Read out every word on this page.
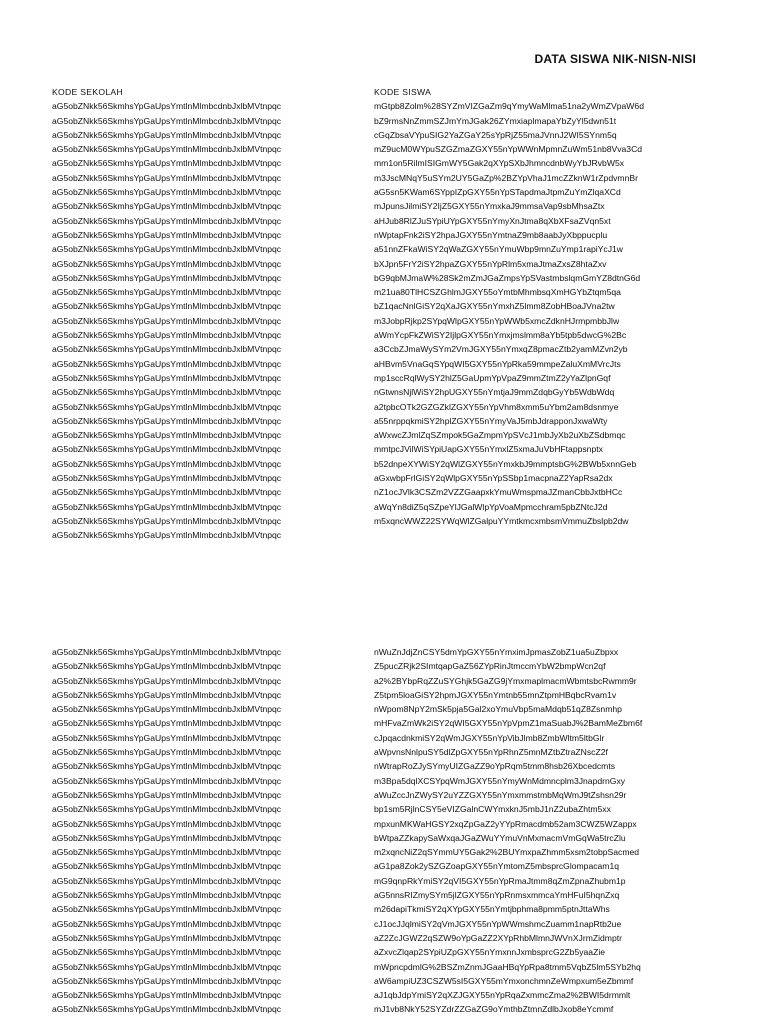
DATA SISWA NIK-NISN-NISI
KODE SEKOLAH
aG5obZNkk56SkmhsYpGaUpsYmtlnMlmbcdnbJxlbMVtnpqc
aG5obZNkk56SkmhsYpGaUpsYmtlnMlmbcdnbJxlbMVtnpqc
aG5obZNkk56SkmhsYpGaUpsYmtlnMlmbcdnbJxlbMVtnpqc
aG5obZNkk56SkmhsYpGaUpsYmtlnMlmbcdnbJxlbMVtnpqc
aG5obZNkk56SkmhsYpGaUpsYmtlnMlmbcdnbJxlbMVtnpqc
aG5obZNkk56SkmhsYpGaUpsYmtlnMlmbcdnbJxlbMVtnpqc
aG5obZNkk56SkmhsYpGaUpsYmtlnMlmbcdnbJxlbMVtnpqc
aG5obZNkk56SkmhsYpGaUpsYmtlnMlmbcdnbJxlbMVtnpqc
aG5obZNkk56SkmhsYpGaUpsYmtlnMlmbcdnbJxlbMVtnpqc
aG5obZNkk56SkmhsYpGaUpsYmtlnMlmbcdnbJxlbMVtnpqc
aG5obZNkk56SkmhsYpGaUpsYmtlnMlmbcdnbJxlbMVtnpqc
aG5obZNkk56SkmhsYpGaUpsYmtlnMlmbcdnbJxlbMVtnpqc
aG5obZNkk56SkmhsYpGaUpsYmtlnMlmbcdnbJxlbMVtnpqc
aG5obZNkk56SkmhsYpGaUpsYmtlnMlmbcdnbJxlbMVtnpqc
aG5obZNkk56SkmhsYpGaUpsYmtlnMlmbcdnbJxlbMVtnpqc
aG5obZNkk56SkmhsYpGaUpsYmtlnMlmbcdnbJxlbMVtnpqc
aG5obZNkk56SkmhsYpGaUpsYmtlnMlmbcdnbJxlbMVtnpqc
aG5obZNkk56SkmhsYpGaUpsYmtlnMlmbcdnbJxlbMVtnpqc
aG5obZNkk56SkmhsYpGaUpsYmtlnMlmbcdnbJxlbMVtnpqc
aG5obZNkk56SkmhsYpGaUpsYmtlnMlmbcdnbJxlbMVtnpqc
aG5obZNkk56SkmhsYpGaUpsYmtlnMlmbcdnbJxlbMVtnpqc
aG5obZNkk56SkmhsYpGaUpsYmtlnMlmbcdnbJxlbMVtnpqc
aG5obZNkk56SkmhsYpGaUpsYmtlnMlmbcdnbJxlbMVtnpqc
aG5obZNkk56SkmhsYpGaUpsYmtlnMlmbcdnbJxlbMVtnpqc
aG5obZNkk56SkmhsYpGaUpsYmtlnMlmbcdnbJxlbMVtnpqc
aG5obZNkk56SkmhsYpGaUpsYmtlnMlmbcdnbJxlbMVtnpqc
aG5obZNkk56SkmhsYpGaUpsYmtlnMlmbcdnbJxlbMVtnpqc
aG5obZNkk56SkmhsYpGaUpsYmtlnMlmbcdnbJxlbMVtnpqc
aG5obZNkk56SkmhsYpGaUpsYmtlnMlmbcdnbJxlbMVtnpqc
aG5obZNkk56SkmhsYpGaUpsYmtlnMlmbcdnbJxlbMVtnpqc
aG5obZNkk56SkmhsYpGaUpsYmtlnMlmbcdnbJxlbMVtnpqc
KODE SISWA
mGtpb8Zolm%28SYZmVIZGaZm9qYmyWaMlma51na2yWmZVpaW6d
bZ9rmsNnZmmSZJmYmJGak26ZYmxiaplmapaYbZyYl5dwn51t
cGqZbsaVYpuSIG2YaZGaY25sYpRjZ55maJVnnJ2WI5SYnm5q
mZ9ucM0WYpuSZGZmaZGXY55nYpWWnMpmnZuWm51nb8Vva3Cd
mm1on5RilmISIGmWY5Gak2qXYpSXbJhmncdnbWyYbJRvbW5x
m3JscMNqY5uSYm2UY5GaZp%2BZYpVhaJ1mcZZknW1rZpdvmnBr
aG5sn5KWam6SYppIZpGXY55nYpSTapdmaJtpmZuYmZlqaXCd
mJpunsJilmiSY2IjZ5GXY55nYmxkaJ9mmsaVap9sbMhsaZtx
aHJub8RlZJuSYpiUYpGXY55nYmyXnJtma8qXbXFsaZVqn5xt
nWptapFnk2iSY2hpaJGXY55nYmtnaZ9mb8aabJyXbppucplu
a51nnZFkaWiSY2qWaZGXY55nYmuWbp9mnZuYmp1rapiYcJ1w
bXJpn5FrY2iSY2hpaZGXY55nYpRlm5xmaJtmaZxsZ8htaZxv
bG9qbMJmaW%28Sk2mZmJGaZmpsYpSVastmbslqmGmYZ8dtnG6d
m21ua80TlHCSZGhlmJGXY55oYmtbMhmbsqXmHGYbZtqm5qa
bZ1qacNnlGiSY2qXaJGXY55nYmxhZ5lmm8ZobHBoaJVna2tw
m3JobpRjkp2SYpqWlpGXY55nYpWWb5xmcZdknHJrmpmbbJlw
aWmYcpFkZWiSY2IjlpGXY55nYmxjmslmm8aYb5tpb5dwcG%2Bc
a3CcbZJmaWySYm2VmJGXY55nYmxqZ8pmacZtb2yamMZvn2yb
aHBvm5VnaGqSYpqWI5GXY55nYpRka59mmpeZaluXmMVrcJts
mp1sccRqlWySY2hlZ5GaUpmYpVpaZ9mmZtmZ2yYaZlpnGqf
nGtwnsNjlWiSY2hpUGXY55nYmtjaJ9mmZdqbGyYb5WdbWdq
a2tpbcOTk2GZGZklZGXY55nYpVhm8xmm5uYbm2am8dsnmye
a55nrppqkmiSY2hplZGXY55nYmyVaJ5mbJdrapponJxwaWty
aWxwcZJmlZqSZmpok5GaZmpmYpSVcJ1mbJyXb2uXbZSdbmqc
mmtpcJVilWiSYpiUapGXY55nYmxlZ5xmaJuVbHFtappsnptx
b52dnpeXYWiSY2qWlZGXY55nYmxkbJ9mmptsbG%2BWb5xnnGeb
aGxwbpFrlGiSY2qWlpGXY55nYpSSbp1macpnaZ2YapRsa2dx
nZ1ocJVlk3CSZm2VZZGaapxkYmuWmspmaJZmanCbbJxtbHCc
aWqYn8diZ5qSZpeYlJGalWlpYpVoaMpmcchram5pbZNtcJ2d
m5xqncWWZ22SYWqWlZGalpuYYmtkmcxmbsmVmmuZbslpb2dw
aG5obZNkk56SkmhsYpGaUpsYmtlnMlmbcdnbJxlbMVtnpqc
aG5obZNkk56SkmhsYpGaUpsYmtlnMlmbcdnbJxlbMVtnpqc
aG5obZNkk56SkmhsYpGaUpsYmtlnMlmbcdnbJxlbMVtnpqc
aG5obZNkk56SkmhsYpGaUpsYmtlnMlmbcdnbJxlbMVtnpqc
aG5obZNkk56SkmhsYpGaUpsYmtlnMlmbcdnbJxlbMVtnpqc
aG5obZNkk56SkmhsYpGaUpsYmtlnMlmbcdnbJxlbMVtnpqc
aG5obZNkk56SkmhsYpGaUpsYmtlnMlmbcdnbJxlbMVtnpqc
aG5obZNkk56SkmhsYpGaUpsYmtlnMlmbcdnbJxlbMVtnpqc
aG5obZNkk56SkmhsYpGaUpsYmtlnMlmbcdnbJxlbMVtnpqc
aG5obZNkk56SkmhsYpGaUpsYmtlnMlmbcdnbJxlbMVtnpqc
aG5obZNkk56SkmhsYpGaUpsYmtlnMlmbcdnbJxlbMVtnpqc
aG5obZNkk56SkmhsYpGaUpsYmtlnMlmbcdnbJxlbMVtnpqc
aG5obZNkk56SkmhsYpGaUpsYmtlnMlmbcdnbJxlbMVtnpqc
aG5obZNkk56SkmhsYpGaUpsYmtlnMlmbcdnbJxlbMVtnpqc
aG5obZNkk56SkmhsYpGaUpsYmtlnMlmbcdnbJxlbMVtnpqc
aG5obZNkk56SkmhsYpGaUpsYmtlnMlmbcdnbJxlbMVtnpqc
aG5obZNkk56SkmhsYpGaUpsYmtlnMlmbcdnbJxlbMVtnpqc
aG5obZNkk56SkmhsYpGaUpsYmtlnMlmbcdnbJxlbMVtnpqc
aG5obZNkk56SkmhsYpGaUpsYmtlnMlmbcdnbJxlbMVtnpqc
aG5obZNkk56SkmhsYpGaUpsYmtlnMlmbcdnbJxlbMVtnpqc
aG5obZNkk56SkmhsYpGaUpsYmtlnMlmbcdnbJxlbMVtnpqc
aG5obZNkk56SkmhsYpGaUpsYmtlnMlmbcdnbJxlbMVtnpqc
aG5obZNkk56SkmhsYpGaUpsYmtlnMlmbcdnbJxlbMVtnpqc
aG5obZNkk56SkmhsYpGaUpsYmtlnMlmbcdnbJxlbMVtnpqc
aG5obZNkk56SkmhsYpGaUpsYmtlnMlmbcdnbJxlbMVtnpqc
aG5obZNkk56SkmhsYpGaUpsYmtlnMlmbcdnbJxlbMVtnpqc
nWuZnJdjZnCSY5dmYpGXY55nYmximJpmasZobZ1ua5uZbpxx
Z5pucZRjk2SImtqapGaZ56ZYpRinJtmccmYbW2bmpWcn2qf
a2%2BYbpRqZZuSYGhjk5GaZG9jYmxmaplmacmWbmtsbcRwmm9r
Z5tpm5loaGiSY2hpmJGXY55nYmtnb55mnZtpmHBqbcRvam1v
nWpom8NpY2mSk5pja5Gal2xoYmuVbp5maMdqb51qZ8Zsnmhp
mHFvaZmWk2iSY2qWI5GXY55nYpVpmZ1maSuabJ%2BamMeZbm6f
cJpqacdnkmiSY2qWmJGXY55nYpVibJlmb8ZmbWltm5ltbGlr
aWpvnsNnlpuSY5dlZpGXY55nYpRhnZ5mnMZtbZtraZNscZ2f
nWtrapRoZJySYmyUIZGaZZ9oYpRqm5tmm8hsb26Xbcedcmts
m3Bpa5dqlXCSYpqWmJGXY55nYmyWnMdmncplm3JnapdrnGxy
aWuZccJnZWySY2uYZZGXY55nYmxmmstmbMqWmJ9tZshsn29r
bp1sm5RjlnCSY5eVIZGalnCWYmxknJ5mbJ1nZ2ubaZhtm5xx
mpxunMKWaHGSY2xqZpGaZ2yYYpRmacdmb52am3CWZ5WZappx
bWtpaZZkapySaWxqaJGaZWuYYmuVnMxmacmVmGqWa5trcZlu
m2xqncNiZ2qSYmmUY5Gak2%2BUYmxpaZhmm5xsm2tobpSacmed
aG1pa8Zok2ySZGZoapGXY55nYmtomZ5mbsprcGlompacam1q
mG9qnpRkYmiSY2qVI5GXY55nYpRmaJtmm8qZmZpnaZhubm1p
aG5nnsRIZmySYm5jlZGXY55nYpRnmsxmmcaYmHFuI5hqnZxq
m26dapiTkmiSY2qXYpGXY55nYmtjbphma8pmm5ptnJttaWhs
cJ1ocJJqlmiSY2qVmJGXY55nYpWWmshmcZuamm1napRtb2ue
aZ2ZcJGWZ2qSZW9oYpGaZZ2XYpRhbMlmnJWVnXJrmZidmptr
aZxvcZlqap2SYpiUZpGXY55nYmxnnJxmbsprcG2Zb5yaaZie
mWpncpdmlG%2BSZmZnmJGaaHBqYpRpa8tmm5VqbZ5lm5SYb2hq
aW6ampiUZ3CSZW5sI5GXY55mYmxonchmnZeWmpxum5eZbmmf
aJ1qbJdpYmiSY2qXZJGXY55nYpRqaZxmmcZma2%2BWI5drmmlt
mJ1vb8NkY52SYZdrZZGaZG9oYmthbZtmnZdlbJxob8eYcmmf
